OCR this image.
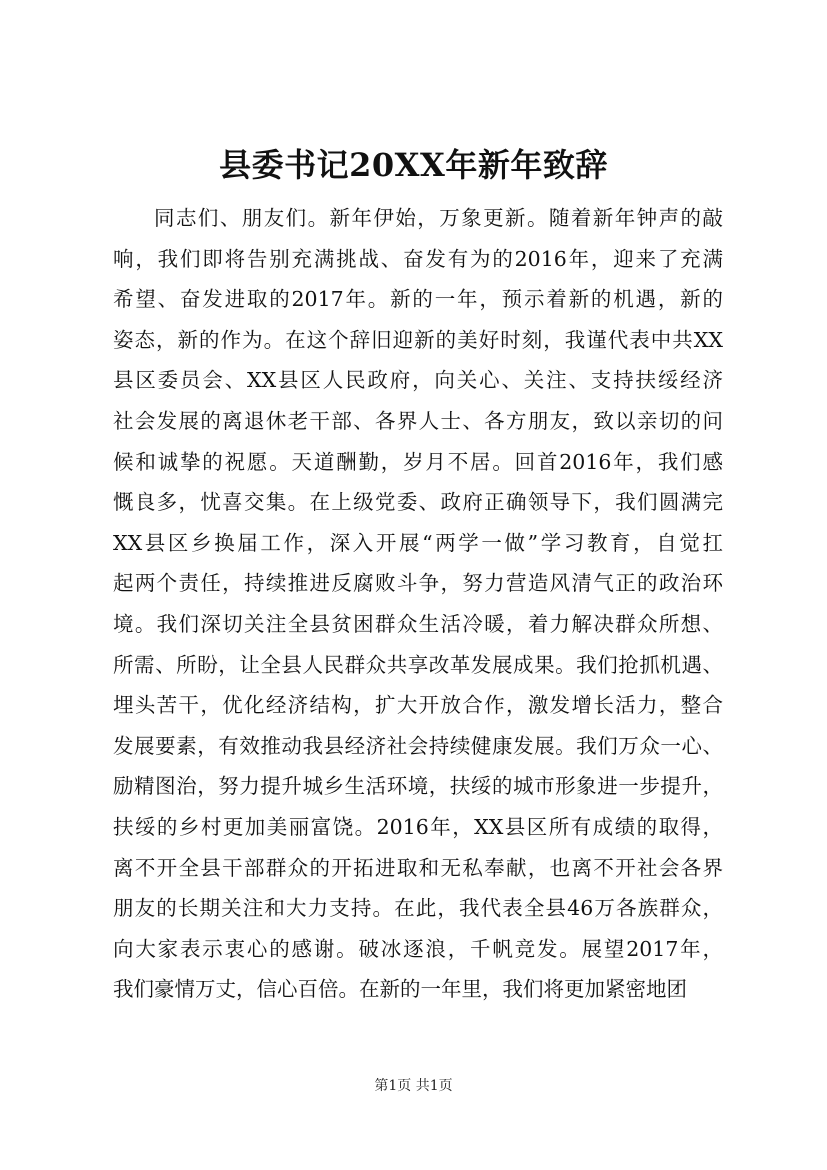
县委书记20XX年新年致辞
同志们、朋友们。新年伊始，万象更新。随着新年钟声的敲
响，我们即将告别充满挑战、奋发有为的2016年，迎来了充满
希望、奋发进取的2017年。新的一年，预示着新的机遇，新的
姿态，新的作为。在这个辞旧迎新的美好时刻，我谨代表中共XX
县区委员会、XX县区人民政府，向关心、关注、支持扶绥经济
社会发展的离退休老干部、各界人士、各方朋友，致以亲切的问
候和诚挚的祝愿。天道酬勤，岁月不居。回首2016年，我们感
慨良多，忧喜交集。在上级党委、政府正确领导下，我们圆满完
XX县区乡换届工作，深入开展“两学一做”学习教育，自觉扛
起两个责任，持续推进反腐败斗争，努力营造风清气正的政治环
境。我们深切关注全县贫困群众生活冷暖，着力解决群众所想、
所需、所盼，让全县人民群众共享改革发展成果。我们抢抓机遇、
埋头苦干，优化经济结构，扩大开放合作，激发增长活力，整合
发展要素，有效推动我县经济社会持续健康发展。我们万众一心、
励精图治，努力提升城乡生活环境，扶绥的城市形象进一步提升，
扶绥的乡村更加美丽富饶。2016年，XX县区所有成绩的取得，
离不开全县干部群众的开拓进取和无私奉献，也离不开社会各界
朋友的长期关注和大力支持。在此，我代表全县46万各族群众，
向大家表示衷心的感谢。破冰逐浪，千帆竞发。展望2017年，
我们豪情万丈，信心百倍。在新的一年里，我们将更加紧密地团
第1页 共1页
